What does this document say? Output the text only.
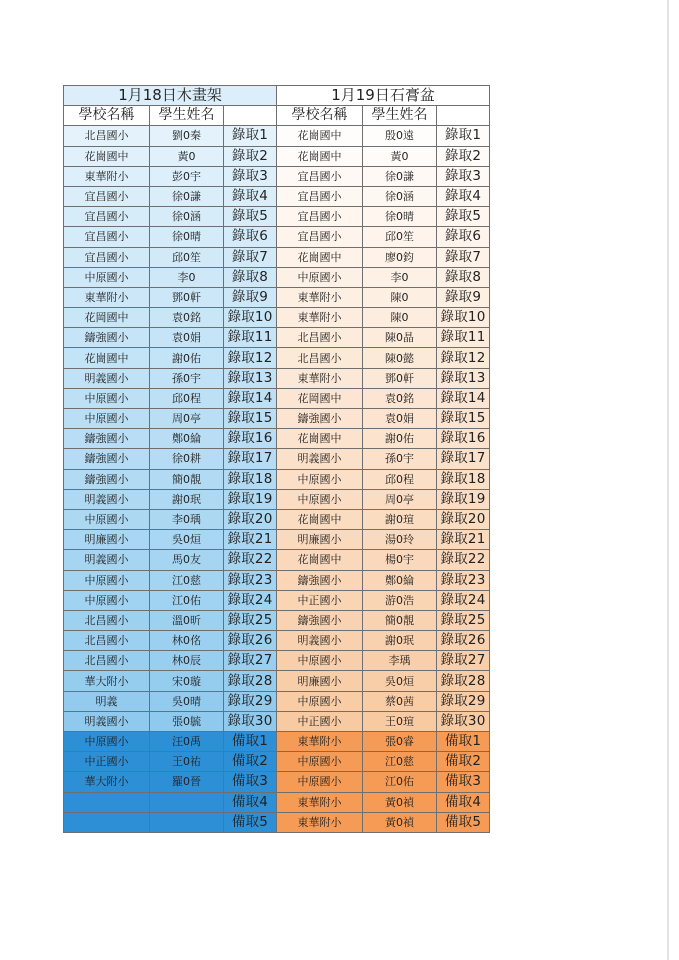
1月18日木畫架			1月19日石膏盆		
學校名稱	學生姓名		學校名稱	學生姓名	
北昌國小	劉0秦	錄取1	花崗國中	殷0遠	錄取1
花崗國中	黃0	錄取2	花崗國中	黃0	錄取2
東華附小	彭0宇	錄取3	宜昌國小	徐0謙	錄取3
宜昌國小	徐0謙	錄取4	宜昌國小	徐0涵	錄取4
宜昌國小	徐0涵	錄取5	宜昌國小	徐0晴	錄取5
宜昌國小	徐0晴	錄取6	宜昌國小	邱0笙	錄取6
宜昌國小	邱0笙	錄取7	花崗國中	廖0鈞	錄取7
中原國小	李0	錄取8	中原國小	李0	錄取8
東華附小	鄧0軒	錄取9	東華附小	陳0	錄取9
花岡國中	袁0銘	錄取10	東華附小	陳0	錄取10
鑄強國小	袁0娟	錄取11	北昌國小	陳0晶	錄取11
花崗國中	謝0佑	錄取12	北昌國小	陳0懿	錄取12
明義國小	孫0宇	錄取13	東華附小	鄧0軒	錄取13
中原國小	邱0程	錄取14	花岡國中	袁0銘	錄取14
中原國小	周0亭	錄取15	鑄強國小	袁0娟	錄取15
鑄強國小	鄭0綸	錄取16	花崗國中	謝0佑	錄取16
鑄強國小	徐0耕	錄取17	明義國小	孫0宇	錄取17
鑄強國小	簡0靚	錄取18	中原國小	邱0程	錄取18
明義國小	謝0珉	錄取19	中原國小	周0亭	錄取19
中原國小	李0瑀	錄取20	花崗國中	謝0瑄	錄取20
明廉國小	吳0烜	錄取21	明廉國小	湯0玲	錄取21
明義國小	馬0友	錄取22	花崗國中	楊0宇	錄取22
中原國小	江0慈	錄取23	鑄強國小	鄭0綸	錄取23
中原國小	江0佑	錄取24	中正國小	游0浩	錄取24
北昌國小	溫0昕	錄取25	鑄強國小	簡0靚	錄取25
北昌國小	林0佲	錄取26	明義國小	謝0珉	錄取26
北昌國小	林0辰	錄取27	中原國小	李瑀	錄取27
華大附小	宋0璇	錄取28	明廉國小	吳0烜	錄取28
明義	吳0晴	錄取29	中原國小	蔡0茜	錄取29
明義國小	張0毓	錄取30	中正國小	王0瑄	錄取30
中原國小	汪0禹	備取1	東華附小	張0睿	備取1
中正國小	王0祐	備取2	中原國小	江0慈	備取2
華大附小	羅0晉	備取3	中原國小	江0佑	備取3
		備取4	東華附小	黃0禎	備取4
		備取5	東華附小	黃0禎	備取5
